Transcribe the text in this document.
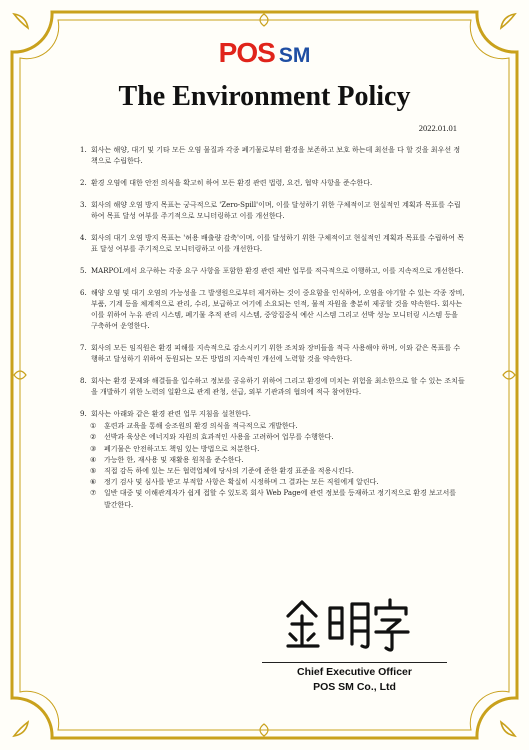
POS SM
The Environment Policy
2022.01.01
1. 회사는 해양, 대기 및 기타 모든 오염 물질과 각종 폐기물로부터 환경을 보존하고 보호 하는데 최선을 다 할 것을 최우선 정책으로 수립한다.
2. 환경 오염에 대한 안전 의식을 확고히 하여 모든 환경 관련 법령, 요건, 협약 사항을 준수한다.
3. 회사의 해양 오염 방지 목표는 궁극적으로 'Zero-Spill'이며, 이를 달성하기 위한 구체적이고 현실적인 계획과 목표를 수립하여 목표 달성 여부를 주기적으로 모니터링하고 이를 개선한다.
4. 회사의 대기 오염 방지 목표는 '허용 배출량 감축'이며, 이를 달성하기 위한 구체적이고 현실적인 계획과 목표를 수립하여 목표 달성 여부를 주기적으로 모니터링하고 이를 개선한다.
5. MARPOL에서 요구하는 각종 요구 사항을 포함한 환경 관련 제반 업무를 적극적으로 이행하고, 이를 지속적으로 개선한다.
6. 해양 오염 및 대기 오염의 가능성을 그 발생원으로부터 제거하는 것이 중요함을 인식하여, 오염을 야기할 수 있는 각종 장비, 부품, 기계 등을 체계적으로 관리, 수리, 보급하고 여기에 소요되는 인적, 물적 자원을 충분히 제공할 것을 약속한다. 회사는 이를 위하여 누유 관리 시스템, 폐기물 추적 관리 시스템, 중앙집중식 예산 시스템 그리고 선박 성능 모니터링 시스템 등을 구축하여 운영한다.
7. 회사의 모든 임직원은 환경 피해를 지속적으로 감소시키기 위한 조치와 장비들을 적극 사용해야 하며, 이와 같은 목표를 수행하고 달성하기 위하여 동원되는 모든 방법의 지속적인 개선에 노력할 것을 약속한다.
8. 회사는 환경 문제와 해결들을 입수하고 정보를 공유하기 위하여 그리고 환경에 미치는 위험을 최소한으로 할 수 있는 조치들을 개발하기 위한 노력의 일환으로 관계 관청, 선급, 외부 기관과의 협의에 적극 참여한다.
9. 회사는 아래와 같은 환경 관련 업무 지침을 설천한다.
①	훈련과 교육을 통해 승조원의 환경 의식을 적극적으로 개발한다.
②	선박과 육상은 에너지와 자원의 효과적인 사용을 고려하여 업무를 수행한다.
③	폐기물은 안전하고도 책임 있는 방법으로 처분한다.
④	가능한 한, 재사용 및 재활용 원칙을 준수한다.
⑤	직접 감독 하에 있는 모든 협력업체에 당사의 기준에 준한 환경 표준을 적용시킨다.
⑥	정기 검사 및 심사를 받고 부적합 사항은 확실히 시정하며 그 결과는 모든 직원에게 알린다.
⑦	일반 대중 및 이해관계자가 쉽게 접할 수 있도록 회사 Web Page에 관련 정보를 등재하고 정기적으로 환경 보고서를 발간한다.
Chief Executive Officer
POS SM Co., Ltd
